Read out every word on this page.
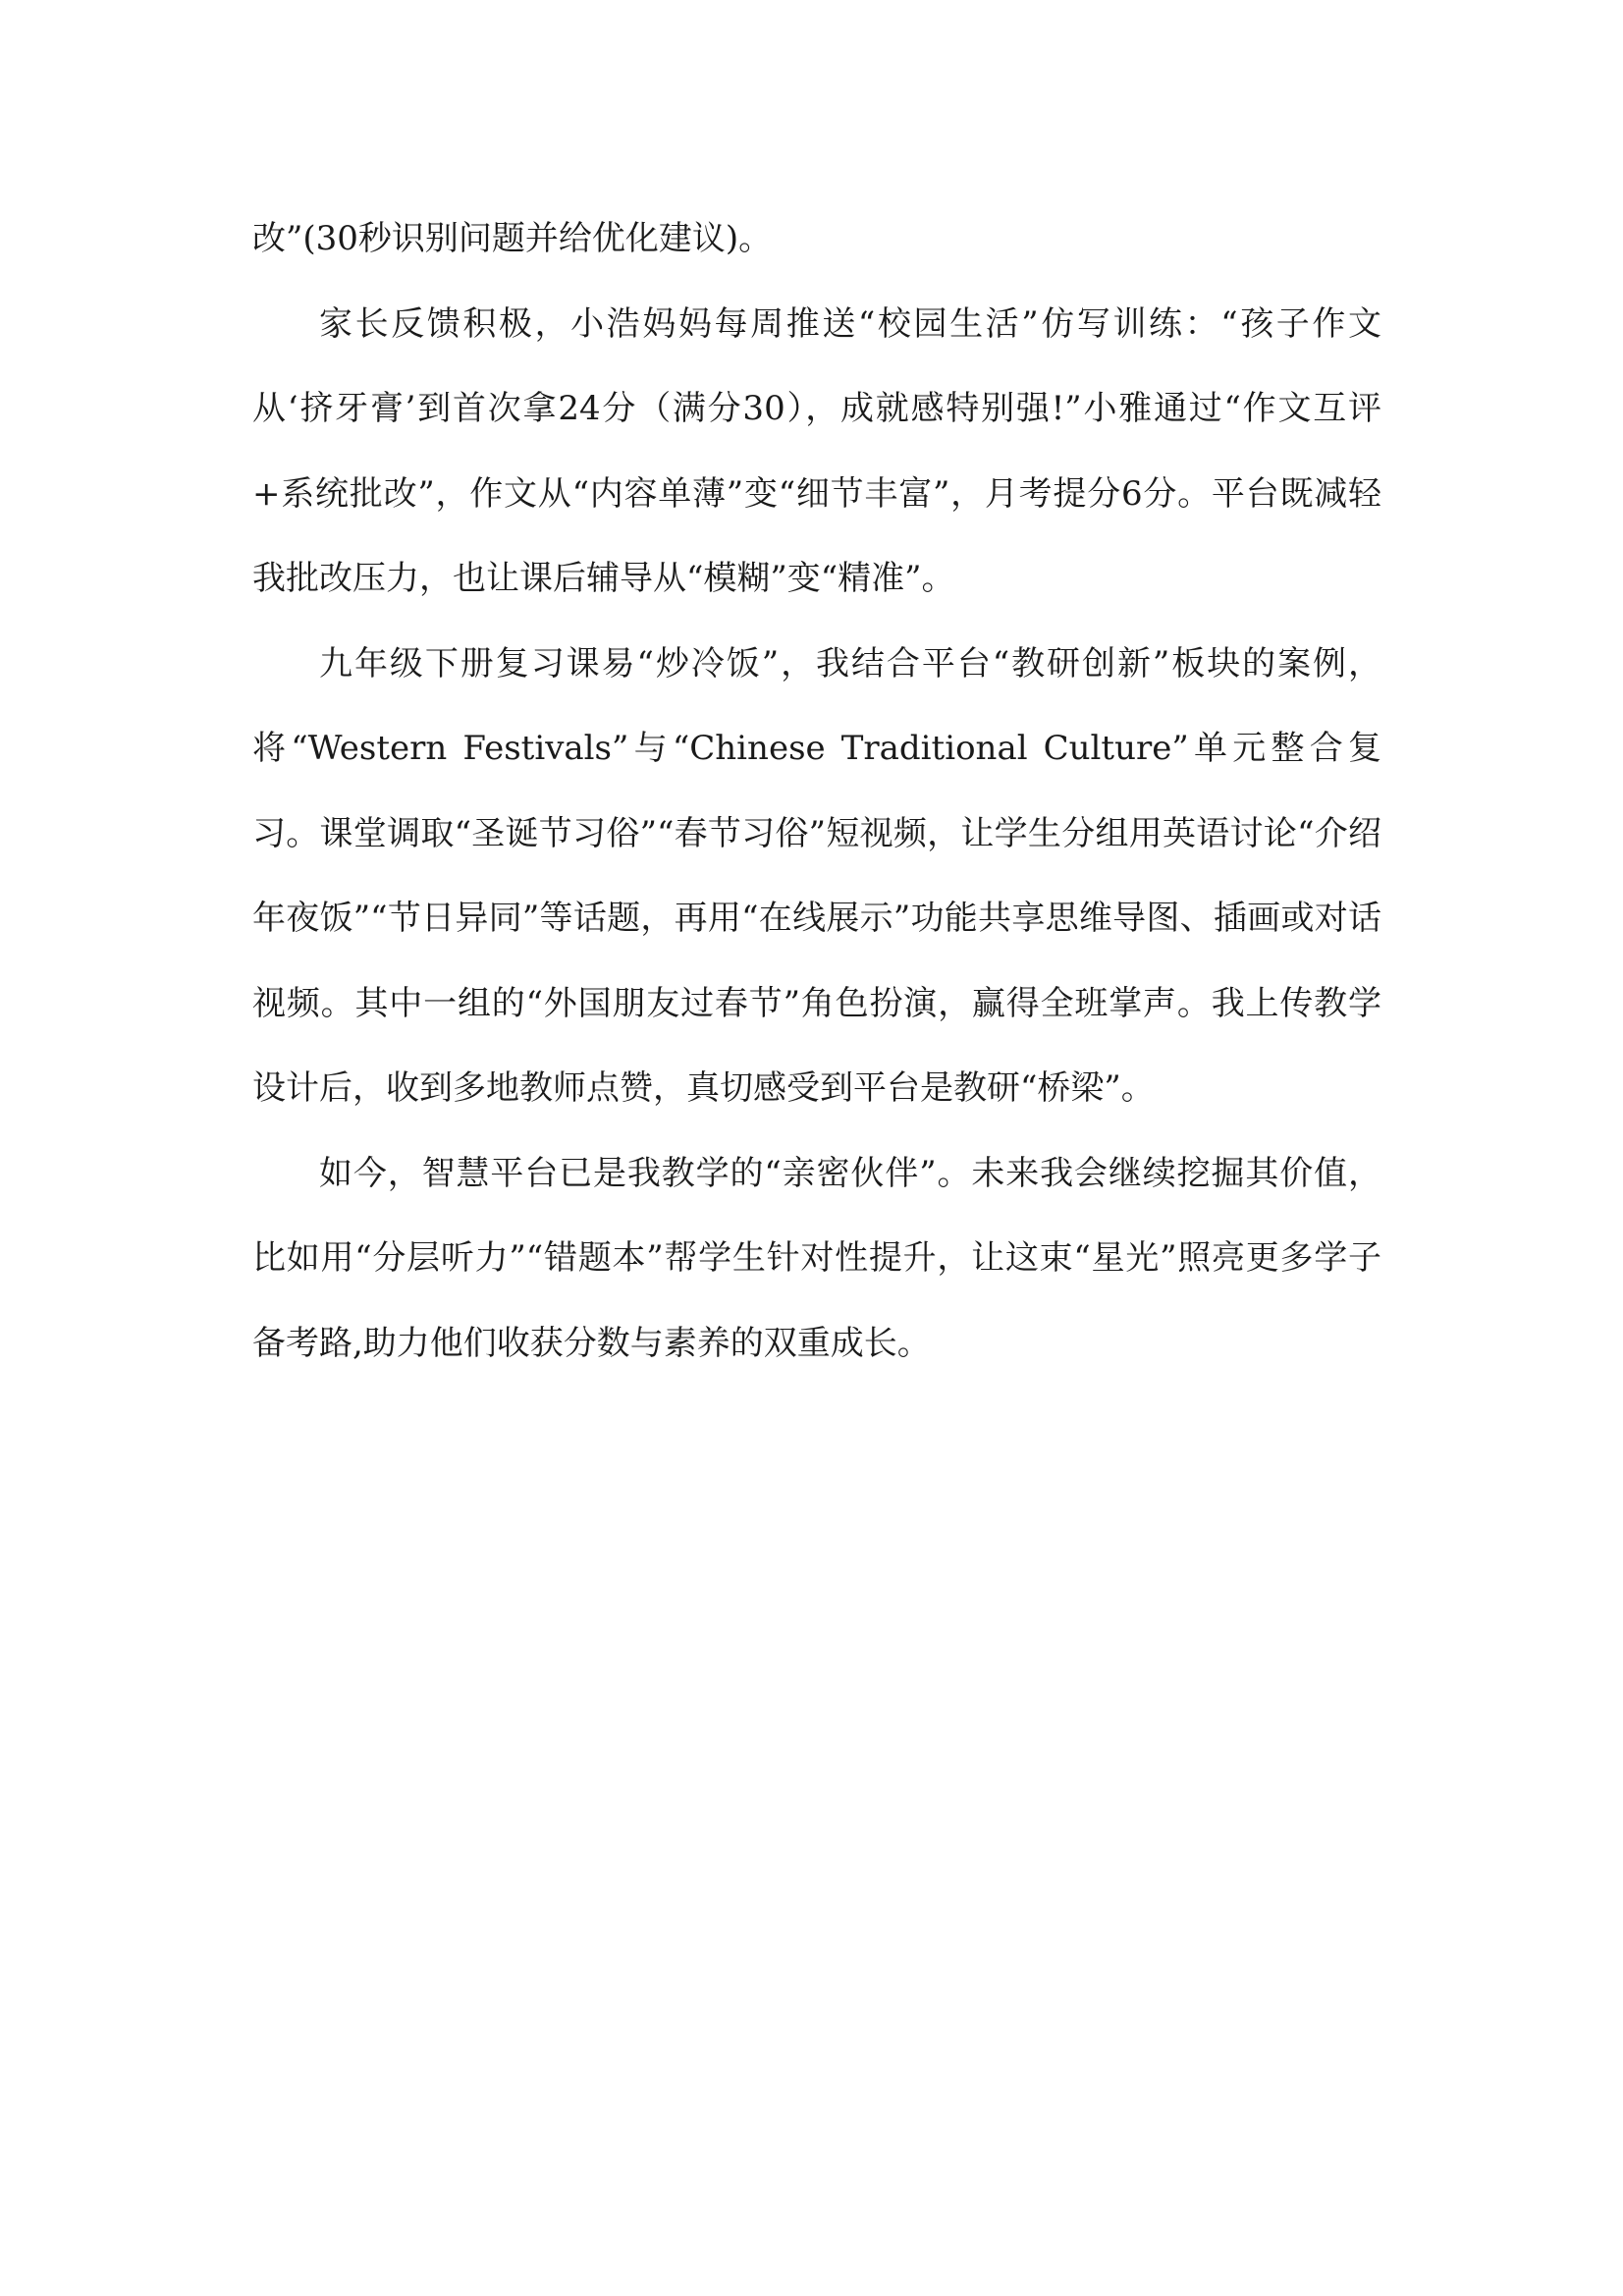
改”(30秒识别问题并给优化建议)。

家长反馈积极，小浩妈妈每周推送“校园生活”仿写训练：“孩子作文从‘挤牙膏’到首次拿24分（满分30），成就感特别强!”小雅通过“作文互评+系统批改”，作文从“内容单薄”变“细节丰富”，月考提分6分。平台既减轻我批改压力，也让课后辅导从“模糊”变“精准”。

九年级下册复习课易“炒冷饭”，我结合平台“教研创新”板块的案例，将“Western Festivals”与“Chinese Traditional Culture”单元整合复习。课堂调取“圣诞节习俗”“春节习俗”短视频，让学生分组用英语讨论“介绍年夜饭”“节日异同”等话题，再用“在线展示”功能共享思维导图、插画或对话视频。其中一组的“外国朋友过春节”角色扮演，赢得全班掌声。我上传教学设计后，收到多地教师点赞，真切感受到平台是教研“桥梁”。

如今，智慧平台已是我教学的“亲密伙伴”。未来我会继续挖掘其价值，比如用“分层听力”“错题本”帮学生针对性提升，让这束“星光”照亮更多学子备考路,助力他们收获分数与素养的双重成长。
